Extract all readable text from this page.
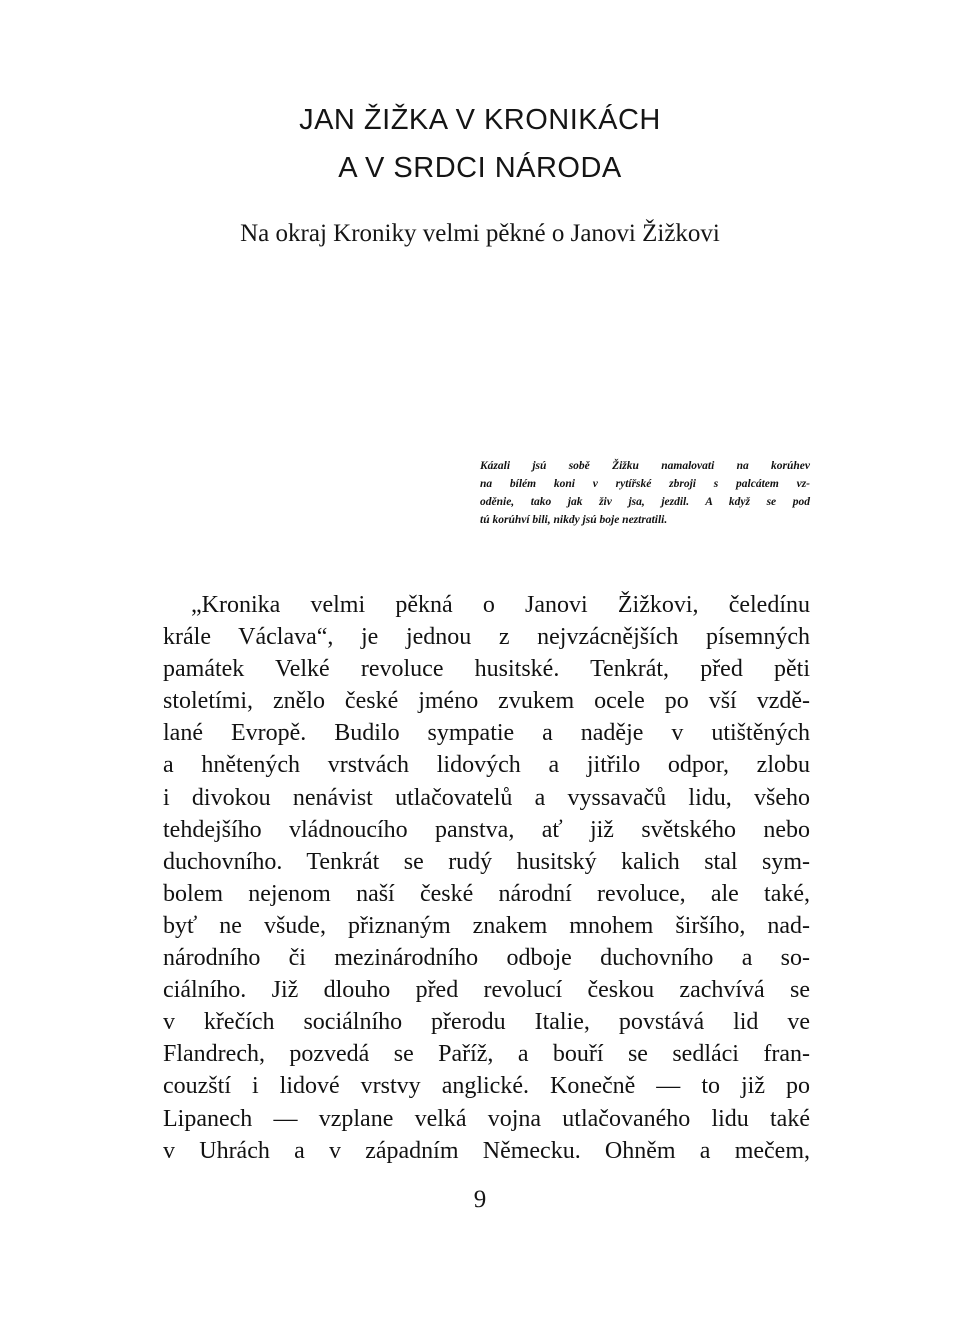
JAN ŽIŽKA V KRONIKÁCH
A V SRDCI NÁRODA
Na okraj Kroniky velmi pěkné o Janovi Žižkovi
Kázali jsú sobě Žižku namalovati na korúhev
na bílém koni v rytířské zbroji s palcátem vz-
oděnie, tako jak živ jsa, jezdil. A když se pod
tú korúhví bili, nikdy jsú boje neztratili.
„Kronika velmi pěkná o Janovi Žižkovi, čeledínu
krále Václava“, je jednou z nejvzácnějších písemných
památek Velké revoluce husitské. Tenkrát, před pěti
stoletími, znělo české jméno zvukem ocele po vší vzdě-
lané Evropě. Budilo sympatie a naděje v utištěných
a hnětených vrstvách lidových a jitřilo odpor, zlobu
i divokou nenávist utlačovatelů a vyssavačů lidu, všeho
tehdejšího vládnoucího panstva, ať již světského nebo
duchovního. Tenkrát se rudý husitský kalich stal sym-
bolem nejenom naší české národní revoluce, ale také,
byť ne všude, přiznaným znakem mnohem širšího, nad-
národního či mezinárodního odboje duchovního a so-
ciálního. Již dlouho před revolucí českou zachvívá se
v křečích sociálního přerodu Italie, povstává lid ve
Flandrech, pozvedá se Paříž, a bouří se sedláci fran-
couzští i lidové vrstvy anglické. Konečně — to již po
Lipanech — vzplane velká vojna utlačovaného lidu také
v Uhrách a v západním Německu. Ohněm a mečem,
9
